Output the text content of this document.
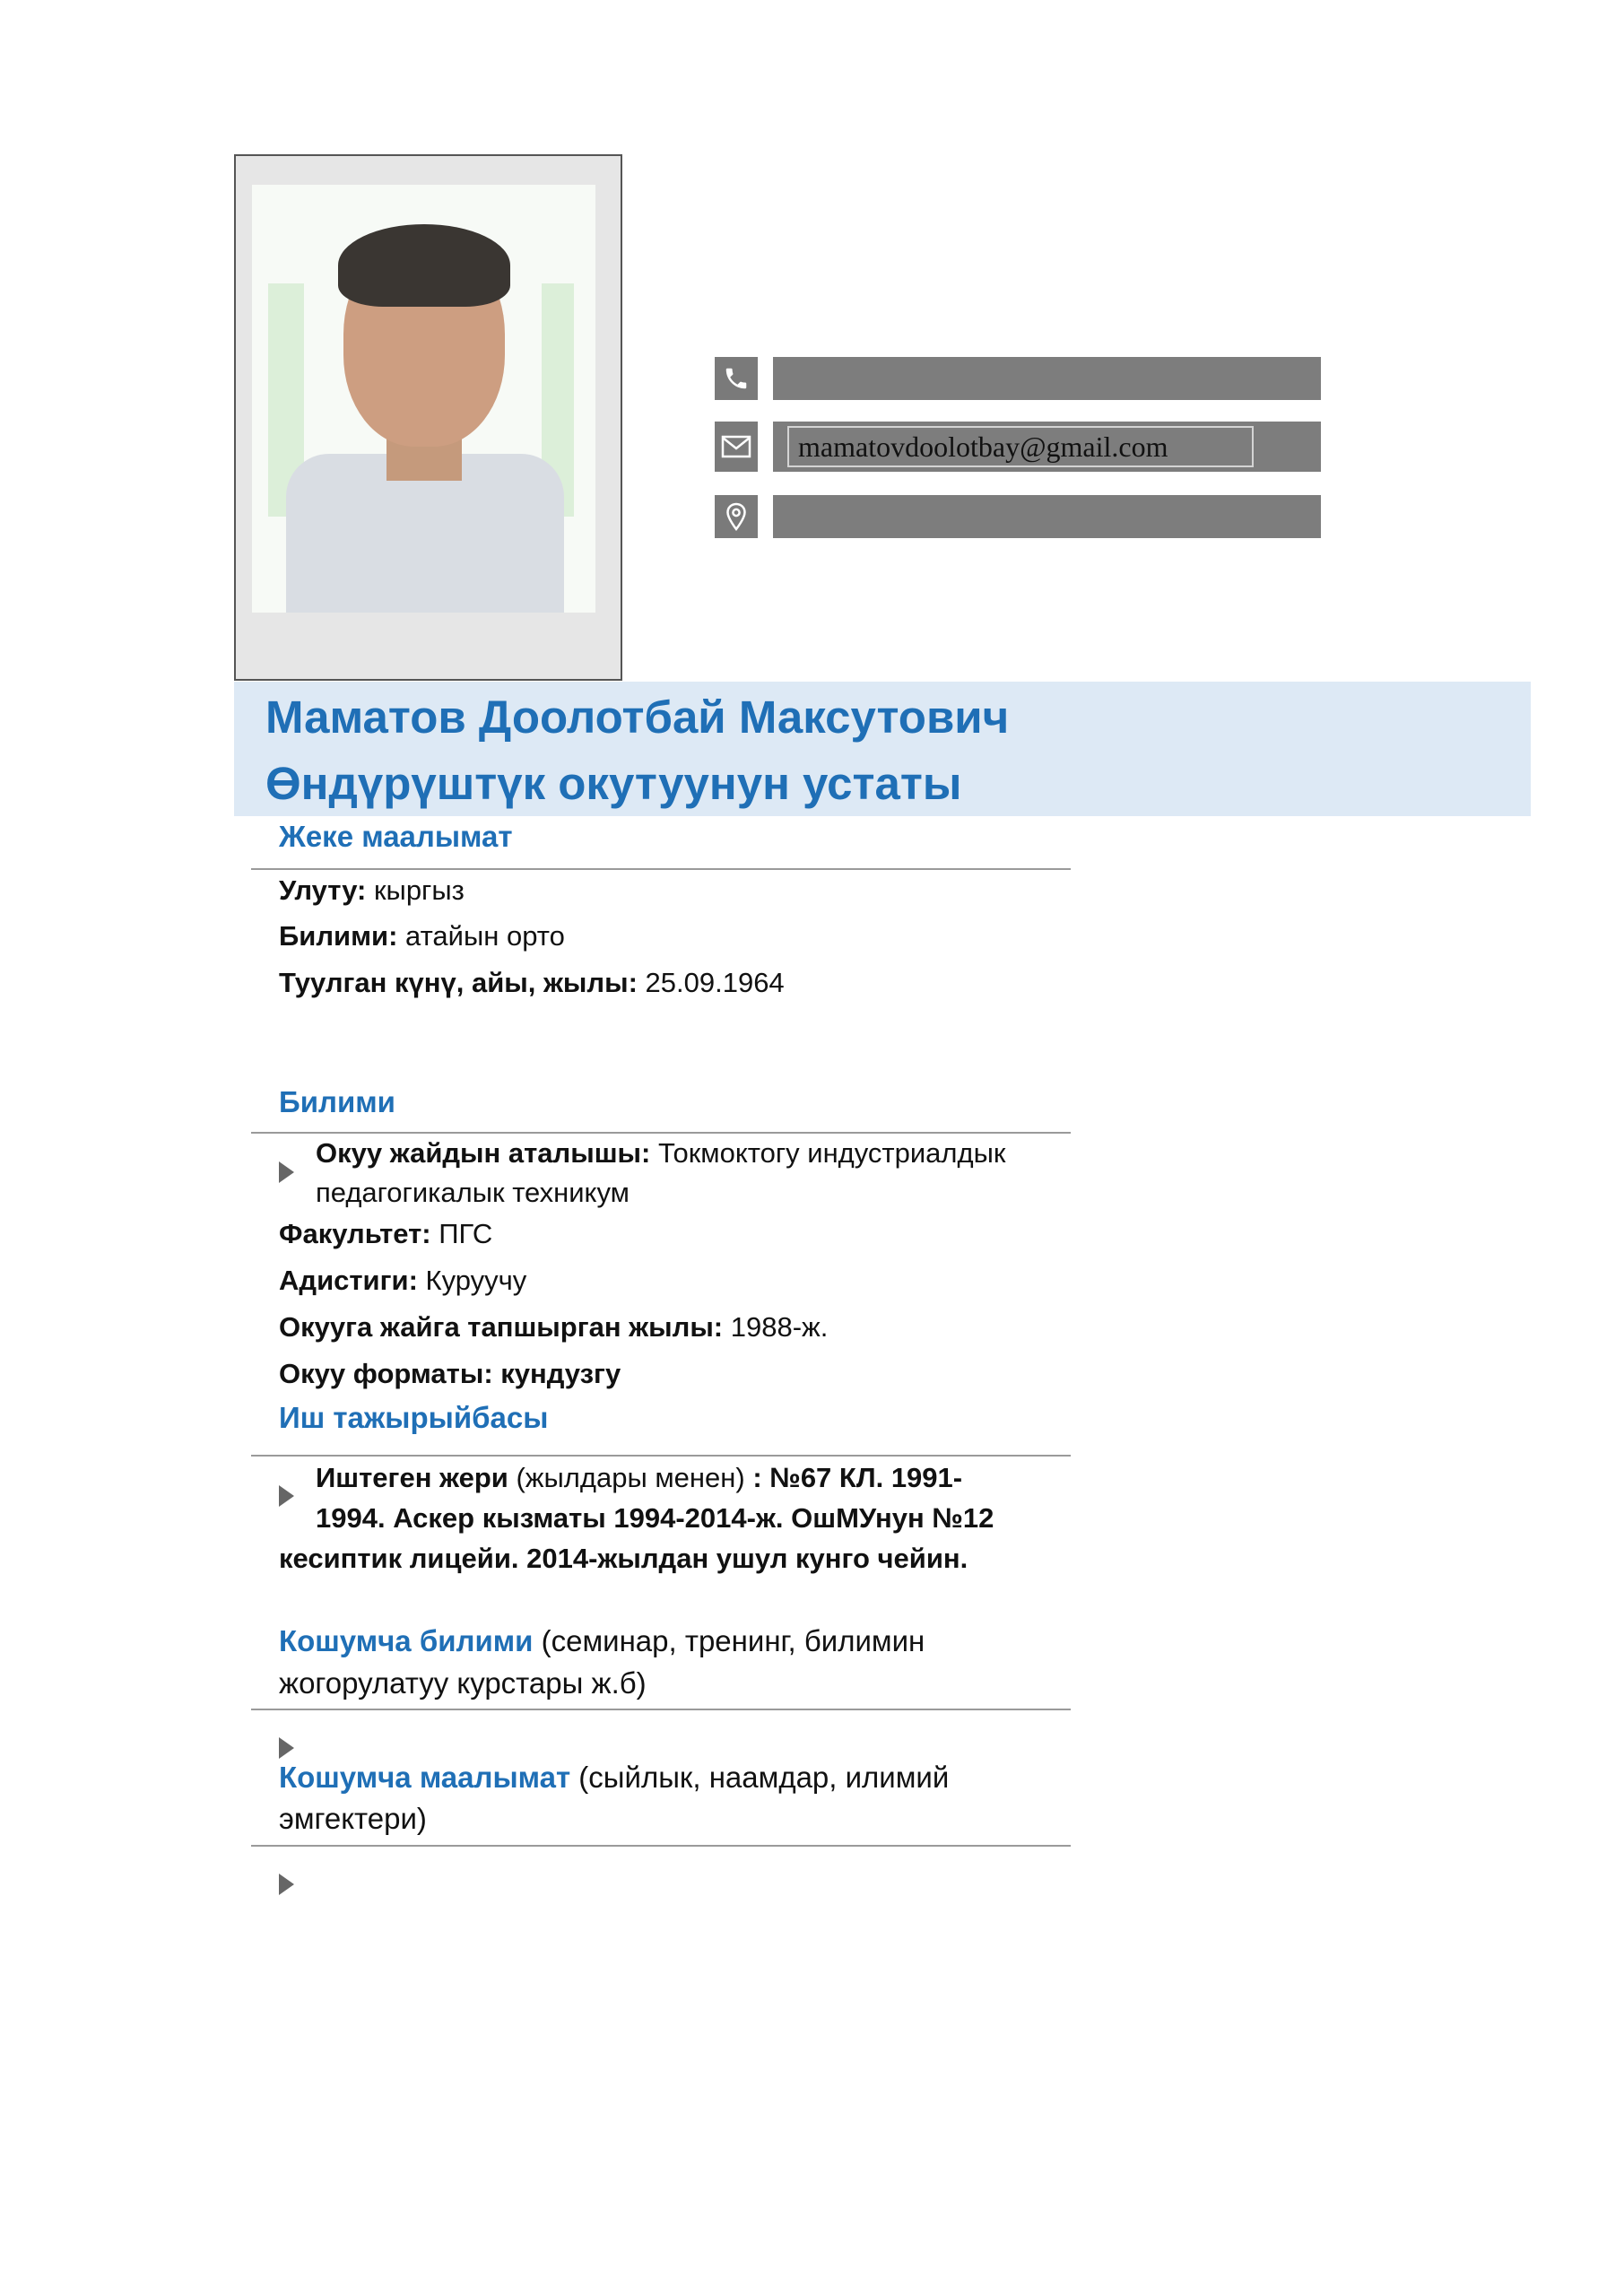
mamatovdoolotbay@gmail.com
Маматов Доолотбай Максутович
Өндүрүштүк окутуунун устаты
Жеке маалымат
Улуту: кыргыз
Билими: атайын орто
Туулган күнү, айы, жылы: 25.09.1964
Билими
Окуу жайдын аталышы: Токмоктогу индустриалдык
педагогикалык техникум
Факультет: ПГС
Адистиги: Куруучу
Окууга жайга тапшырган жылы: 1988-ж.
Окуу форматы: кундузгу
Иш тажырыйбасы
Иштеген жери (жылдары менен) : №67 КЛ. 1991-
1994. Аскер кызматы 1994-2014-ж. ОшМУнун №12
кесиптик лицейи. 2014-жылдан ушул кунго чейин.
Кошумча билими (семинар, тренинг, билимин
жогорулатуу курстары ж.б)
Кошумча маалымат (сыйлык, наамдар, илимий
эмгектери)
